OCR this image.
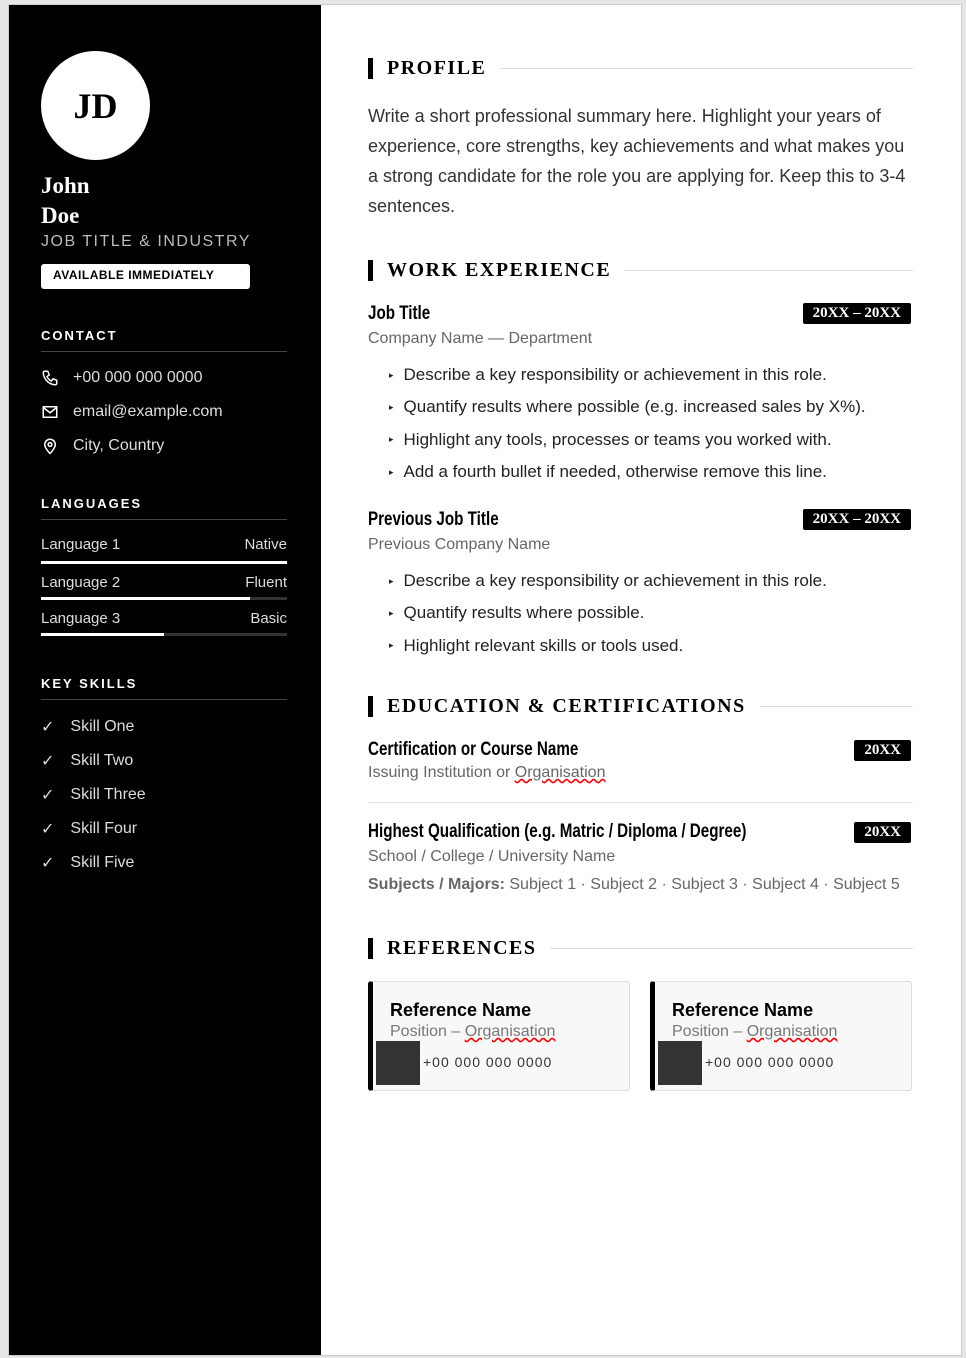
JD
John
Doe
JOB TITLE & INDUSTRY
AVAILABLE IMMEDIATELY
CONTACT
+00 000 000 0000
email@example.com
City, Country
LANGUAGES
Language 1	Native
Language 2	Fluent
Language 3	Basic
KEY SKILLS
✓ Skill One
✓ Skill Two
✓ Skill Three
✓ Skill Four
✓ Skill Five
PROFILE
Write a short professional summary here. Highlight your years of experience, core strengths, key achievements and what makes you a strong candidate for the role you are applying for. Keep this to 3-4 sentences.
WORK EXPERIENCE
Job Title	20XX – 20XX
Company Name — Department
▸ Describe a key responsibility or achievement in this role.
▸ Quantify results where possible (e.g. increased sales by X%).
▸ Highlight any tools, processes or teams you worked with.
▸ Add a fourth bullet if needed, otherwise remove this line.
Previous Job Title	20XX – 20XX
Previous Company Name
▸ Describe a key responsibility or achievement in this role.
▸ Quantify results where possible.
▸ Highlight relevant skills or tools used.
EDUCATION & CERTIFICATIONS
Certification or Course Name	20XX
Issuing Institution or Organisation
Highest Qualification (e.g. Matric / Diploma / Degree)	20XX
School / College / University Name
Subjects / Majors: Subject 1 · Subject 2 · Subject 3 · Subject 4 · Subject 5
REFERENCES
Reference Name
Position – Organisation
+00 000 000 0000
Reference Name
Position – Organisation
+00 000 000 0000
